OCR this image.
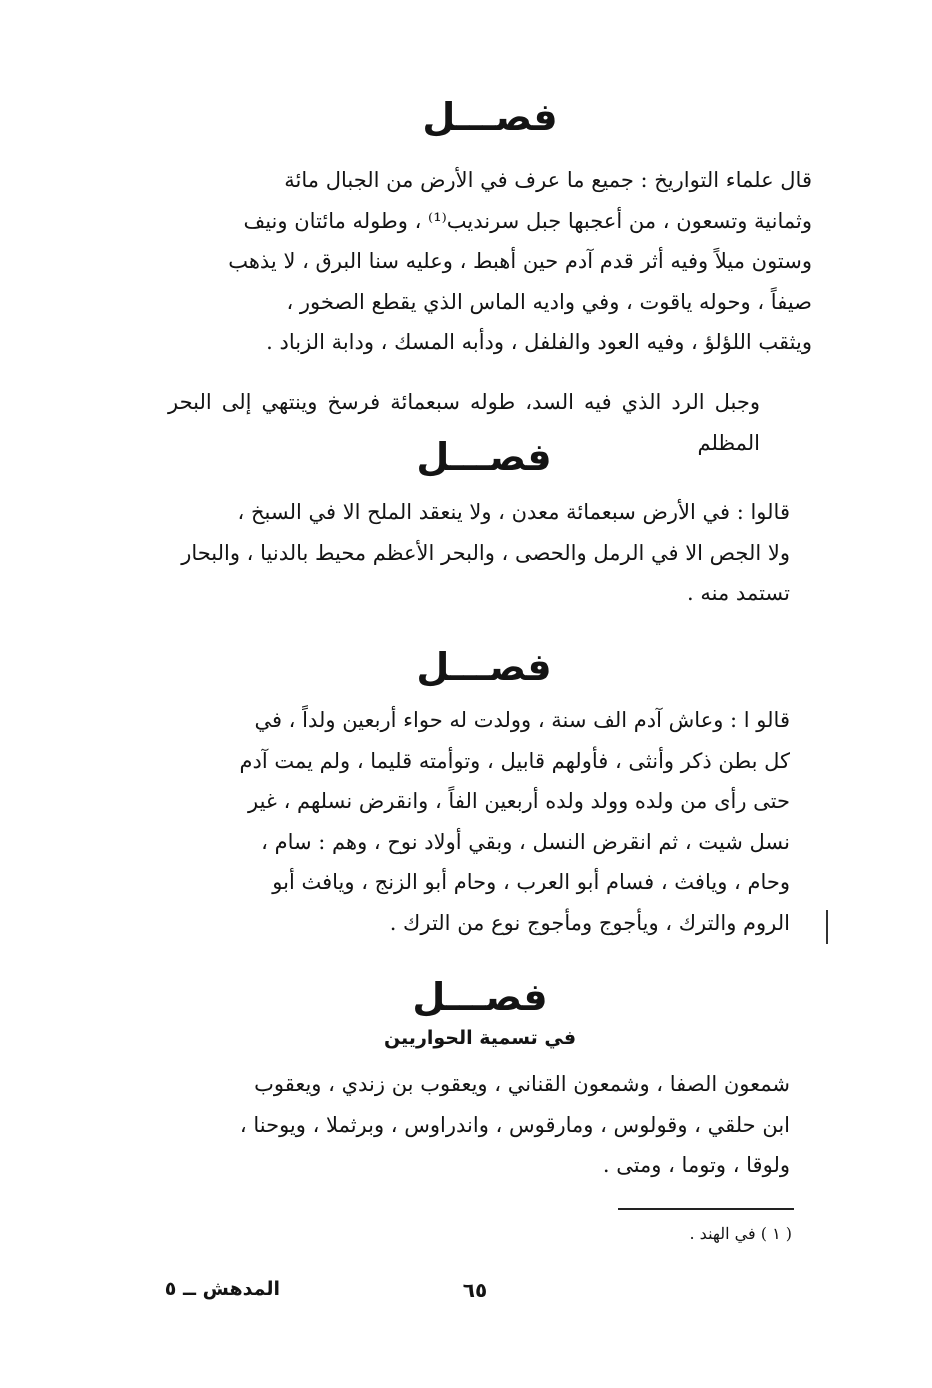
فصـــل
قال علماء التواريخ : جميع ما عرف في الأرض من الجبال مائة
وثمانية وتسعون ، من أعجبها جبل سرنديب⁽¹⁾ ، وطوله مائتان ونيف
وستون ميلاً وفيه أثر قدم آدم حين أهبط ، وعليه سنا البرق ، لا يذهب
صيفاً ، وحوله ياقوت ، وفي واديه الماس الذي يقطع الصخور ،
ويثقب اللؤلؤ ، وفيه العود والفلفل ، ودأبه المسك ، ودابة الزباد .
وجبل الرد الذي فيه السد، طوله سبعمائة فرسخ وينتهي إلى البحر المظلم
فصـــل
قالوا : في الأرض سبعمائة معدن ، ولا ينعقد الملح الا في السبخ ،
ولا الجص الا في الرمل والحصى ، والبحر الأعظم محيط بالدنيا ، والبحار
تستمد منه .
فصـــل
قالو ا : وعاش آدم الف سنة ، وولدت له حواء أربعين ولداً ، في
كل بطن ذكر وأنثى ، فأولهم قابيل ، وتوأمته قليما ، ولم يمت آدم
حتى رأى من ولده وولد ولده أربعين الفاً ، وانقرض نسلهم ، غير
نسل شيت ، ثم انقرض النسل ، وبقي أولاد نوح ، وهم : سام ،
وحام ، ويافث ، فسام أبو العرب ، وحام أبو الزنج ، ويافث أبو
الروم والترك ، ويأجوج ومأجوج نوع من الترك .
فصـــل
في تسمية الحواريين
شمعون الصفا ، وشمعون القناني ، ويعقوب بن زندي ، ويعقوب
ابن حلقي ، وقولوس ، ومارقوس ، واندراوس ، وبرثملا ، ويوحنا ،
ولوقا ، وتوما ، ومتى .
( ١ ) في الهند .
٦٥
المدهش ــ ٥
